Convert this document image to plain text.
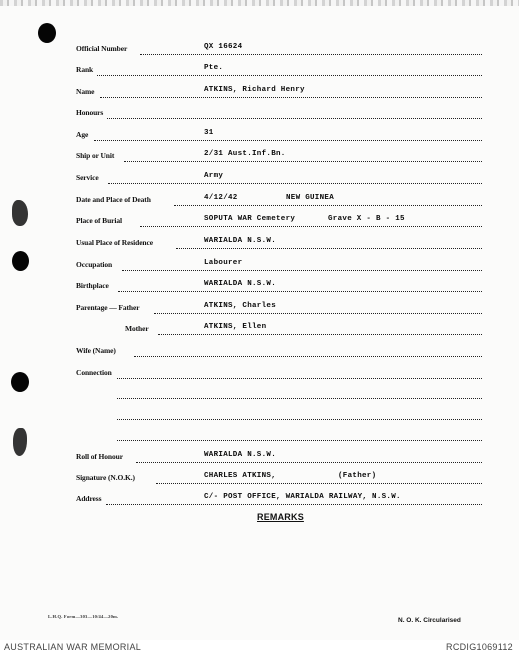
Official Number	QX 16624
Rank	Pte.
Name	ATKINS, Richard Henry
Honours
Age	31
Ship or Unit	2/31 Aust.Inf.Bn.
Service	Army
Date and Place of Death	4/12/42	NEW GUINEA
Place of Burial	SOPUTA WAR Cemetery	Grave X - B - 15
Usual Place of Residence	WARIALDA N.S.W.
Occupation	Labourer
Birthplace	WARIALDA N.S.W.
Parentage — Father	ATKINS, Charles
Mother	ATKINS, Ellen
Wife (Name)
Connection
Roll of Honour	WARIALDA N.S.W.
Signature (N.O.K.)	CHARLES ATKINS,	(Father)
Address	C/- POST OFFICE, WARIALDA RAILWAY, N.S.W.
REMARKS
L.H.Q. Form—303—10/44—20m.
N. O. K. Circularised
AUSTRALIAN WAR MEMORIAL	RCDIG1069112
